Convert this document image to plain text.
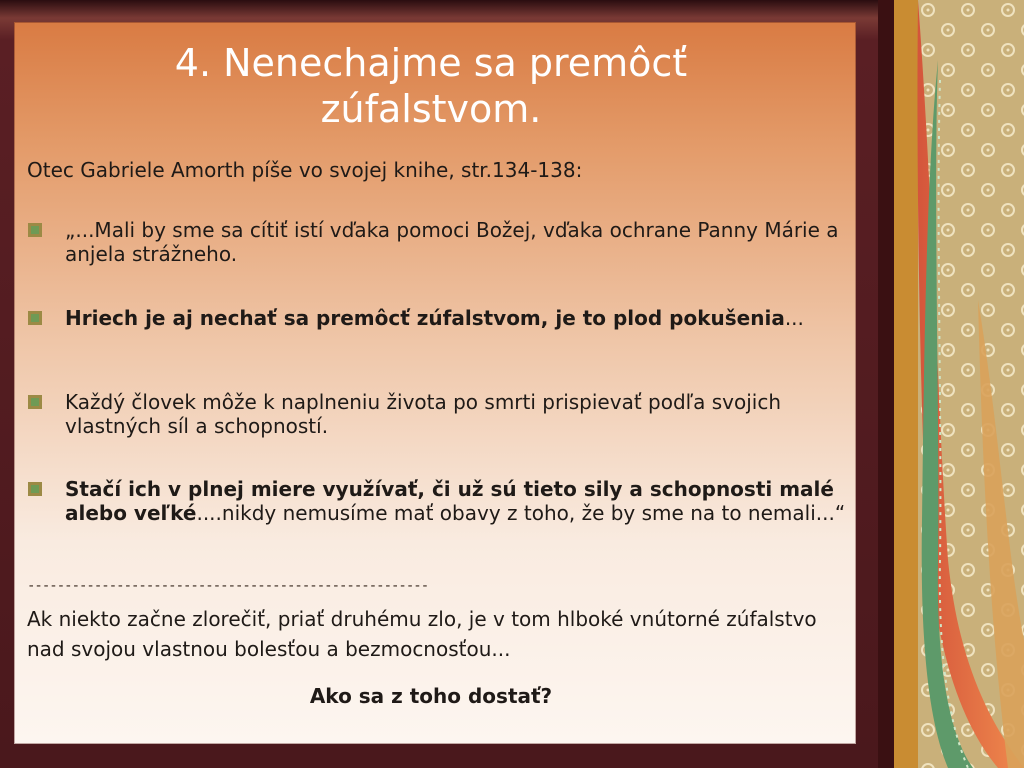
4. Nenechajme sa premôcť
zúfalstvom.
Otec Gabriele Amorth píše vo svojej knihe, str.134-138:
„...Mali by sme sa cítiť istí vďaka pomoci Božej, vďaka ochrane Panny Márie a anjela strážneho.
Hriech je aj nechať sa premôcť zúfalstvom, je to plod pokušenia...
Každý človek môže k naplneniu života po smrti prispievať podľa svojich vlastných síl a schopností.
Stačí ich v plnej miere využívať, či už sú tieto sily a schopnosti malé alebo veľké....nikdy nemusíme mať obavy z toho, že by sme na to nemali...“
------------------------------------------------------
Ak niekto začne zlorečiť, priať druhému zlo, je v tom hlboké vnútorné zúfalstvo nad svojou vlastnou bolesťou a bezmocnosťou...
Ako sa z toho dostať?
